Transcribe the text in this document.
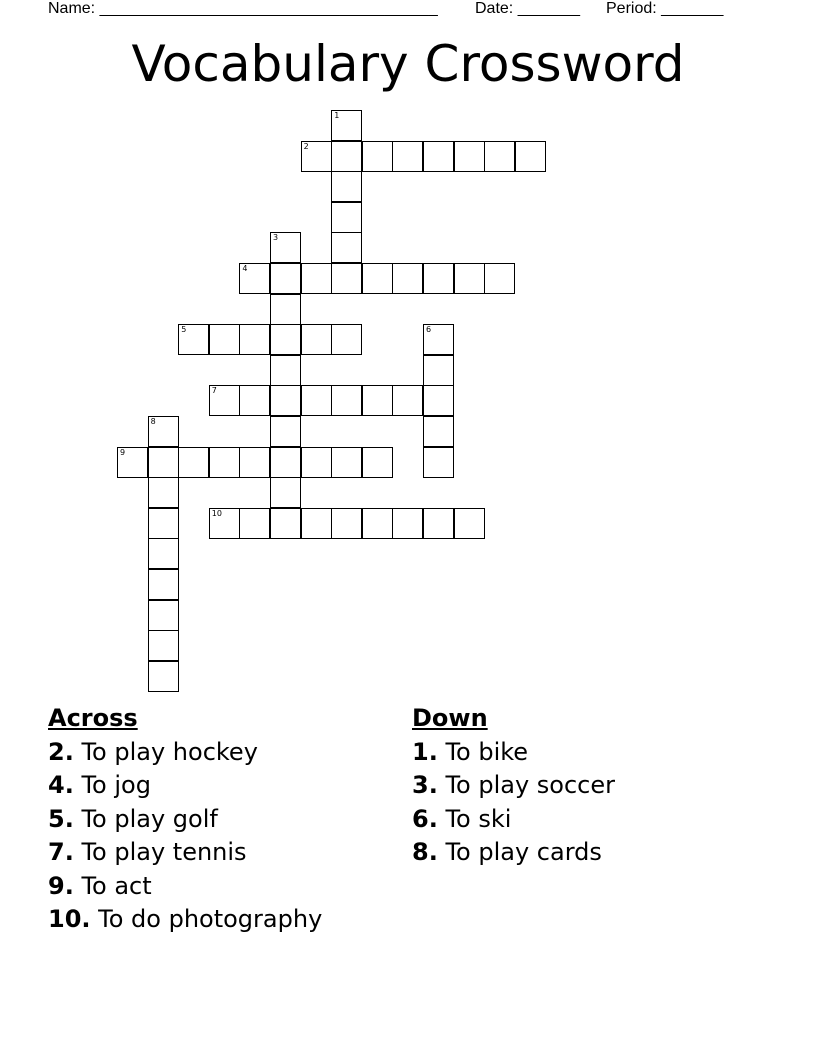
Name: ______________________________________ Date: _______ Period: _______
Vocabulary Crossword
1
2
3
4
5	6
7
8
9
10
Across
2. To play hockey
4. To jog
5. To play golf
7. To play tennis
9. To act
10. To do photography
Down
1. To bike
3. To play soccer
6. To ski
8. To play cards
